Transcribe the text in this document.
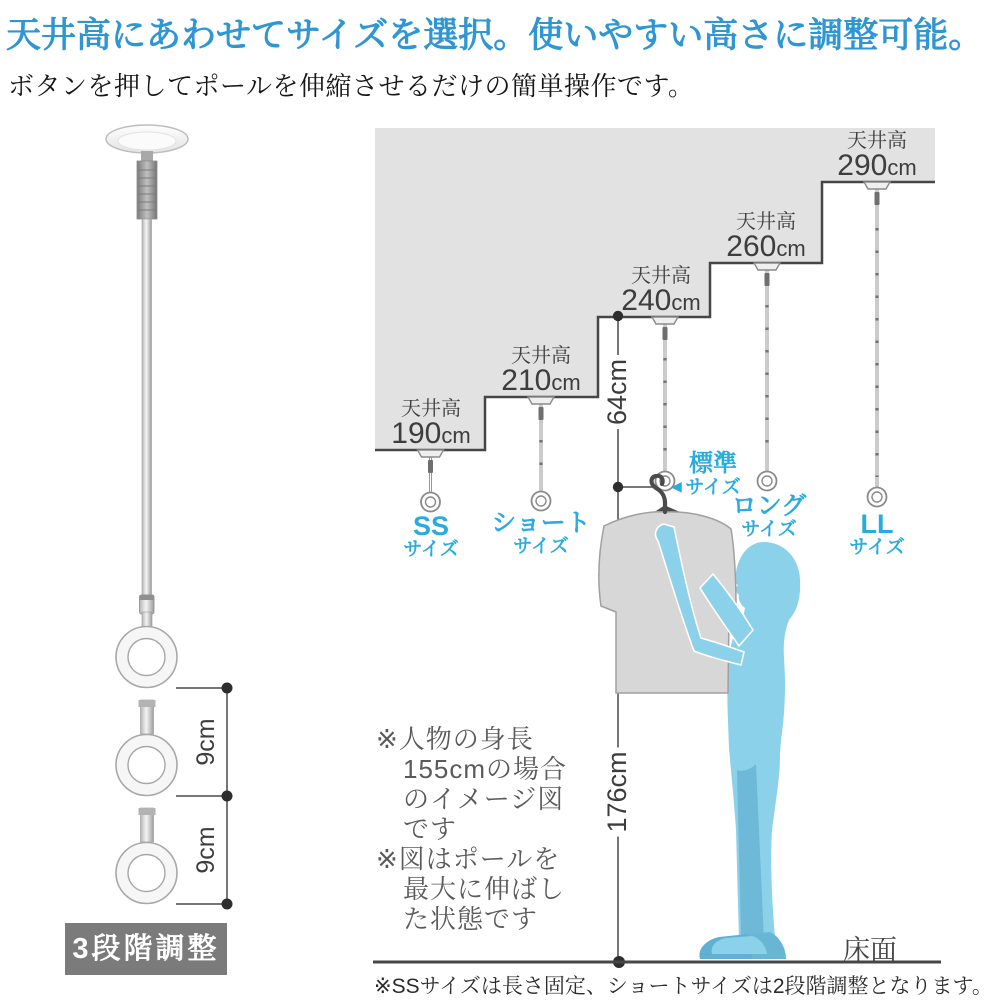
天井高にあわせてサイズを選択。使いやすい高さに調整可能。
ボタンを押してポールを伸縮させるだけの簡単操作です。
天井高
190cm
天井高
210cm
天井高
240cm
天井高
260cm
天井高
290cm
SS
サイズ
ショート
サイズ
標準
サイズ
◀
ロング
サイズ	LL
サイズ
64cm
176cm
9cm
9cm
※人物の身長
155cmの場合
のイメージ図
です
※図はポールを
最大に伸ばし
た状態です
床面
※SSサイズは長さ固定、ショートサイズは2段階調整となります。
3段階調整
